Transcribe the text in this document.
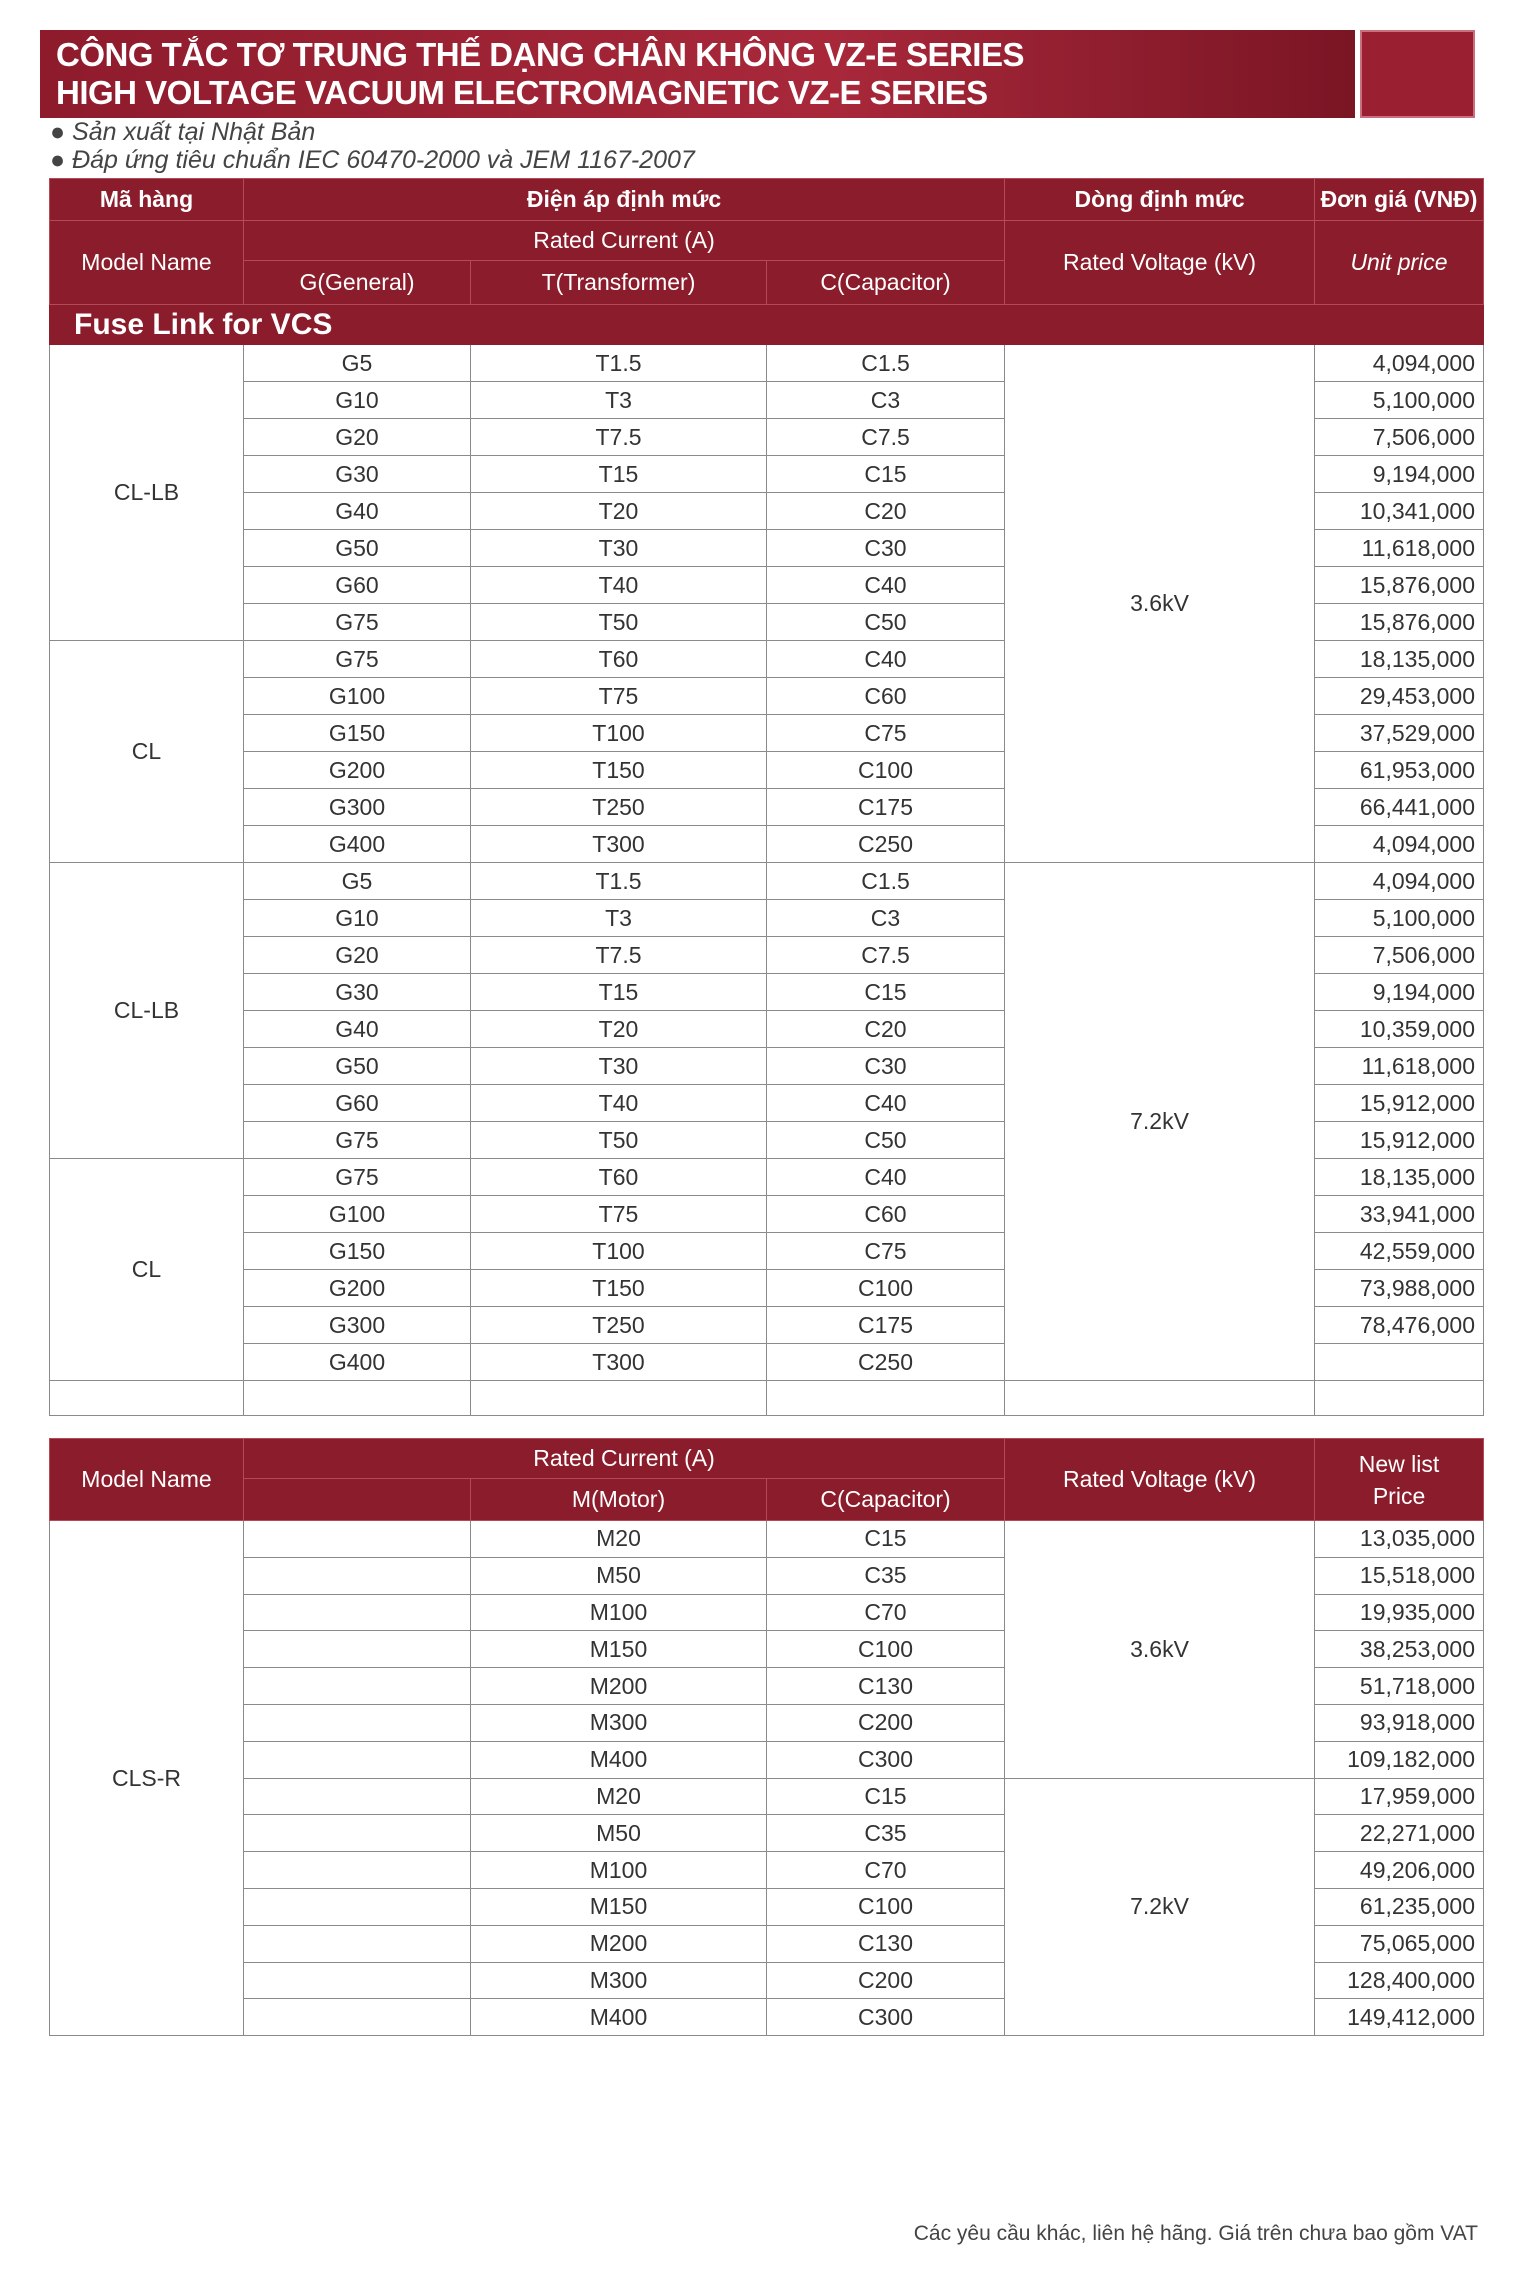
CÔNG TẮC TƠ TRUNG THẾ DẠNG CHÂN KHÔNG VZ-E SERIES
HIGH VOLTAGE VACUUM ELECTROMAGNETIC VZ-E SERIES
● Sản xuất tại Nhật Bản
● Đáp ứng tiêu chuẩn IEC 60470-2000 và JEM 1167-2007
Mã hàng	Điện áp định mức			Dòng định mức	Đơn giá (VNĐ)
Model Name	Rated Current (A)			Rated Voltage (kV)	Unit price
	G(General)	T(Transformer)	C(Capacitor)		
Fuse Link for VCS					
CL-LB	G5	T1.5	C1.5	3.6kV	4,094,000
	G10	T3	C3		5,100,000
	G20	T7.5	C7.5		7,506,000
	G30	T15	C15		9,194,000
	G40	T20	C20		10,341,000
	G50	T30	C30		11,618,000
	G60	T40	C40		15,876,000
	G75	T50	C50		15,876,000
CL	G75	T60	C40		18,135,000
	G100	T75	C60		29,453,000
	G150	T100	C75		37,529,000
	G200	T150	C100		61,953,000
	G300	T250	C175		66,441,000
	G400	T300	C250		4,094,000
CL-LB	G5	T1.5	C1.5	7.2kV	4,094,000
	G10	T3	C3		5,100,000
	G20	T7.5	C7.5		7,506,000
	G30	T15	C15		9,194,000
	G40	T20	C20		10,359,000
	G50	T30	C30		11,618,000
	G60	T40	C40		15,912,000
	G75	T50	C50		15,912,000
CL	G75	T60	C40		18,135,000
	G100	T75	C60		33,941,000
	G150	T100	C75		42,559,000
	G200	T150	C100		73,988,000
	G300	T250	C175		78,476,000
	G400	T300	C250		

Model Name	Rated Current (A)			Rated Voltage (kV)	New list
Price
		M(Motor)	C(Capacitor)		
CLS-R		M20	C15	3.6kV	13,035,000
		M50	C35		15,518,000
		M100	C70		19,935,000
		M150	C100		38,253,000
		M200	C130		51,718,000
		M300	C200		93,918,000
		M400	C300		109,182,000
		M20	C15	7.2kV	17,959,000
		M50	C35		22,271,000
		M100	C70		49,206,000
		M150	C100		61,235,000
		M200	C130		75,065,000
		M300	C200		128,400,000
		M400	C300		149,412,000
Các yêu cầu khác, liên hệ hãng. Giá trên chưa bao gồm VAT
